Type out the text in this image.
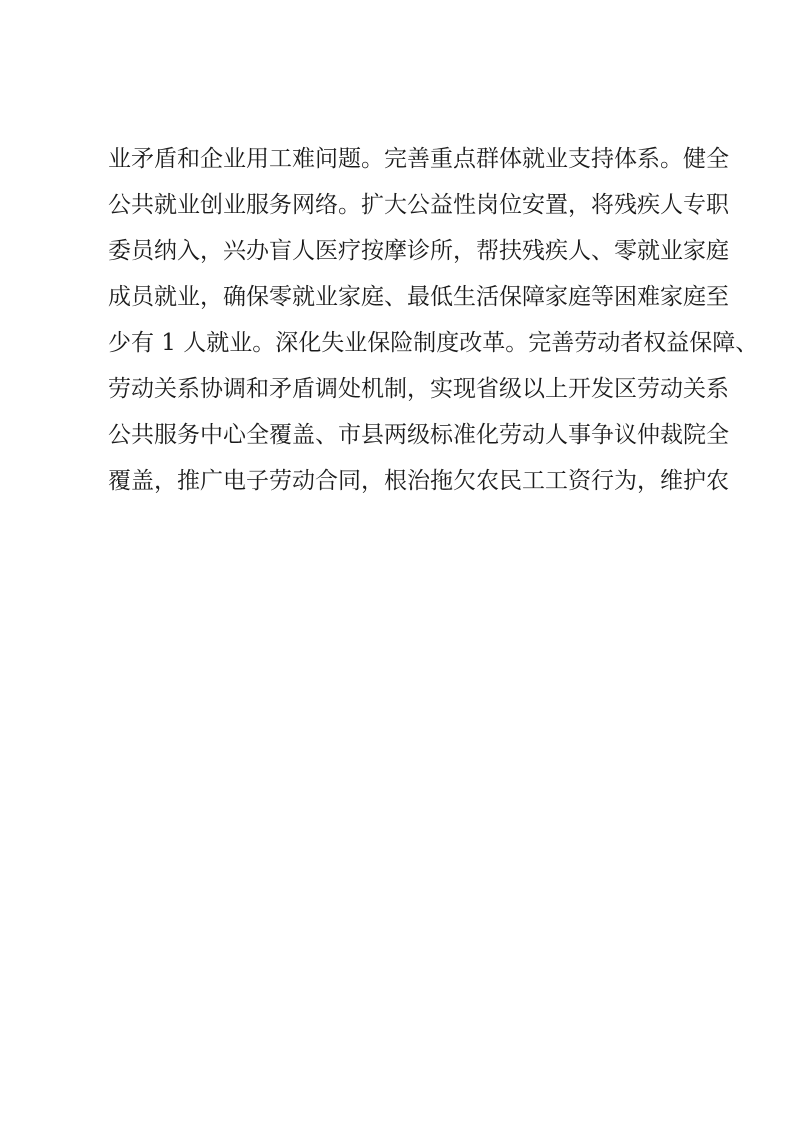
业矛盾和企业用工难问题。完善重点群体就业支持体系。健全
公共就业创业服务网络。扩大公益性岗位安置，将残疾人专职
委员纳入，兴办盲人医疗按摩诊所，帮扶残疾人、零就业家庭
成员就业，确保零就业家庭、最低生活保障家庭等困难家庭至
少有 1 人就业。深化失业保险制度改革。完善劳动者权益保障、
劳动关系协调和矛盾调处机制，实现省级以上开发区劳动关系
公共服务中心全覆盖、市县两级标准化劳动人事争议仲裁院全
覆盖，推广电子劳动合同，根治拖欠农民工工资行为，维护农
